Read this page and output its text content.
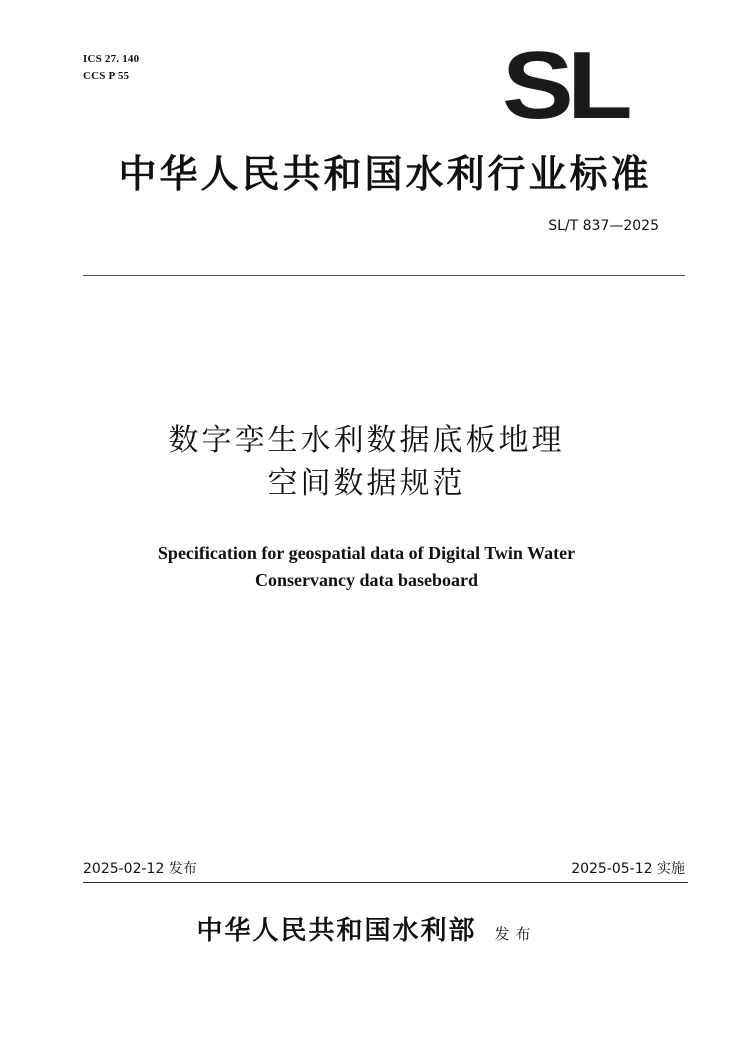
ICS 27. 140
CCS P 55	SL
中华人民共和国水利行业标准
SL/T 837—2025
数字孪生水利数据底板地理
空间数据规范
Specification for geospatial data of Digital Twin Water
Conservancy data baseboard
2025-02-12 发布	2025-05-12 实施
中华人民共和国水利部 发布
